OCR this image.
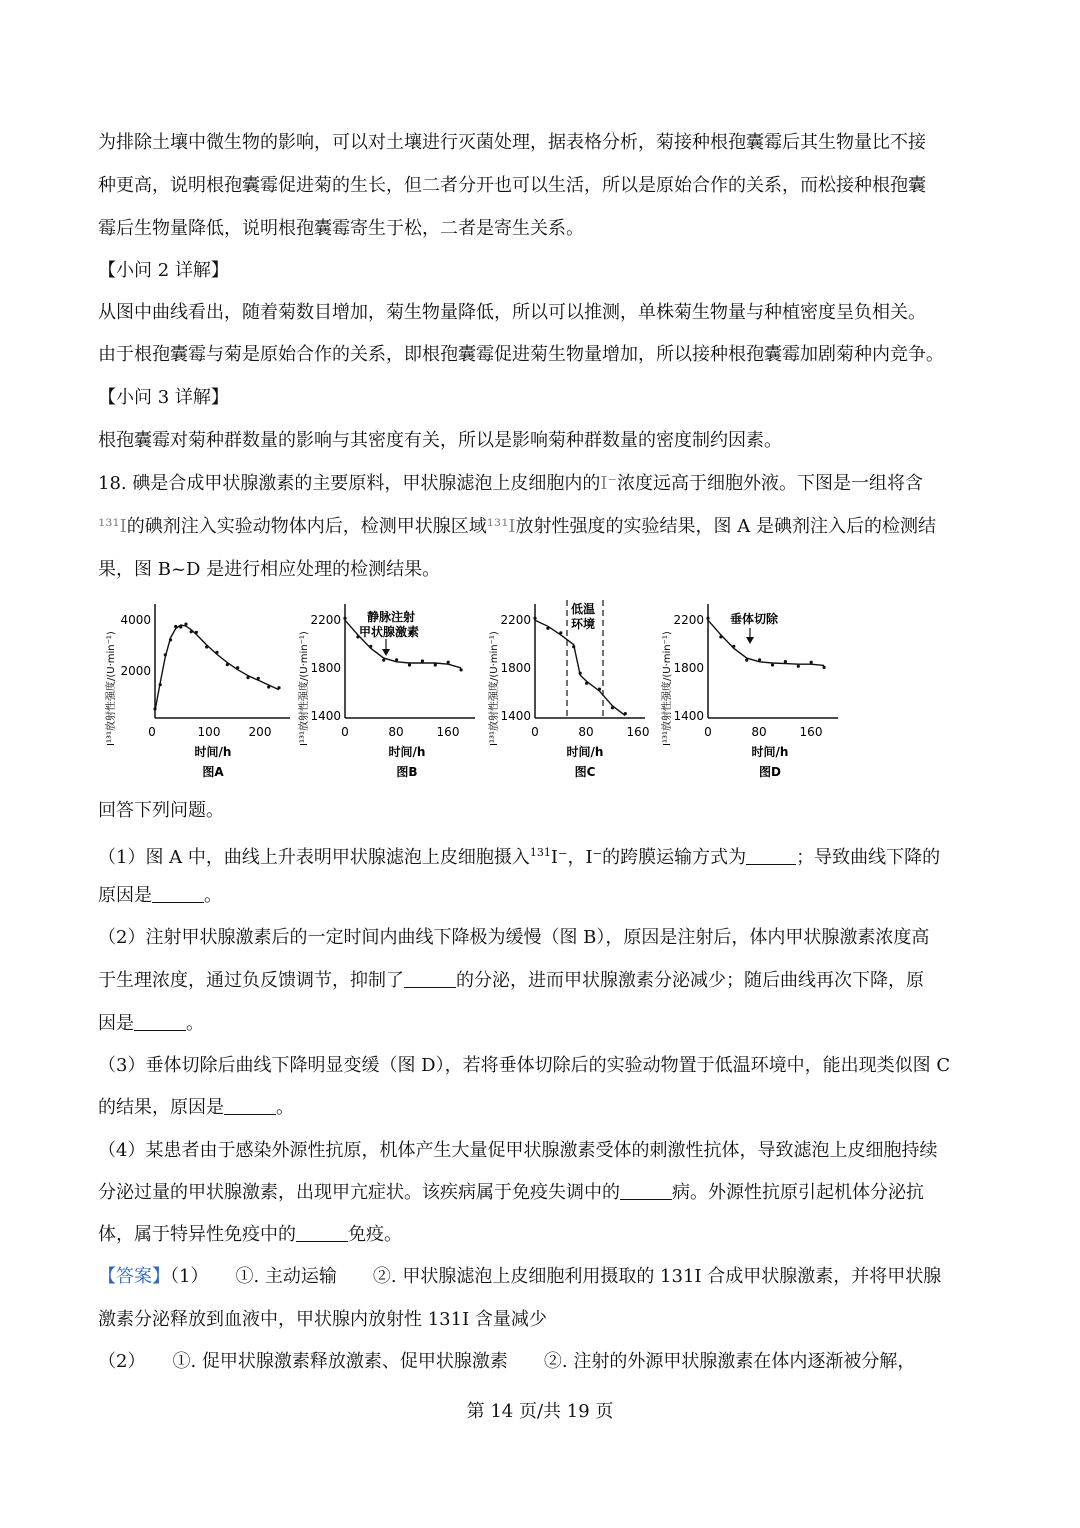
为排除土壤中微生物的影响，可以对土壤进行灭菌处理，据表格分析，菊接种根孢囊霉后其生物量比不接
种更高，说明根孢囊霉促进菊的生长，但二者分开也可以生活，所以是原始合作的关系，而松接种根孢囊
霉后生物量降低，说明根孢囊霉寄生于松，二者是寄生关系。
【小问 2 详解】
从图中曲线看出，随着菊数目增加，菊生物量降低，所以可以推测，单株菊生物量与种植密度呈负相关。
由于根孢囊霉与菊是原始合作的关系，即根孢囊霉促进菊生物量增加，所以接种根孢囊霉加剧菊种内竞争。
【小问 3 详解】
根孢囊霉对菊种群数量的影响与其密度有关，所以是影响菊种群数量的密度制约因素。
18. 碘是合成甲状腺激素的主要原料，甲状腺滤泡上皮细胞内的I⁻浓度远高于细胞外液。下图是一组将含
¹³¹I的碘剂注入实验动物体内后，检测甲状腺区域¹³¹I放射性强度的实验结果，图 A 是碘剂注入后的检测结
果，图 B~D 是进行相应处理的检测结果。
I¹³¹放射性强度/(U·min⁻¹)
4000
2000
0	100 200
时间/h
图A
I¹³¹放射性强度/(U·min⁻¹)
2200
1800
1400
0	80	160
静脉注射
甲状腺激素
时间/h
图B
I¹³¹放射性强度/(U·min⁻¹)
2200
1800
1400
0	80	160
低温
环境
时间/h
图C
I¹³¹放射性强度/(U·min⁻¹)
2200
1800
1400
0	80	160
垂体切除
时间/h
图D
回答下列问题。
（1）图 A 中，曲线上升表明甲状腺滤泡上皮细胞摄入$^{131}$I⁻，I⁻的跨膜运输方式为	；导致曲线下降的
原因是	。
（2）注射甲状腺激素后的一定时间内曲线下降极为缓慢（图 B），原因是注射后，体内甲状腺激素浓度高
于生理浓度，通过负反馈调节，抑制了	的分泌，进而甲状腺激素分泌减少；随后曲线再次下降，原
因是	。
（3）垂体切除后曲线下降明显变缓（图 D），若将垂体切除后的实验动物置于低温环境中，能出现类似图 C
的结果，原因是	。
（4）某患者由于感染外源性抗原，机体产生大量促甲状腺激素受体的刺激性抗体，导致滤泡上皮细胞持续
分泌过量的甲状腺激素，出现甲亢症状。该疾病属于免疫失调中的	病。外源性抗原引起机体分泌抗
体，属于特异性免疫中的	免疫。
【答案】（1）　　①. 主动运输　　②. 甲状腺滤泡上皮细胞利用摄取的 131I 合成甲状腺激素，并将甲状腺
激素分泌释放到血液中，甲状腺内放射性 131I 含量减少
（2）　　①. 促甲状腺激素释放激素、促甲状腺激素　　②. 注射的外源甲状腺激素在体内逐渐被分解，
第 14 页/共 19 页
